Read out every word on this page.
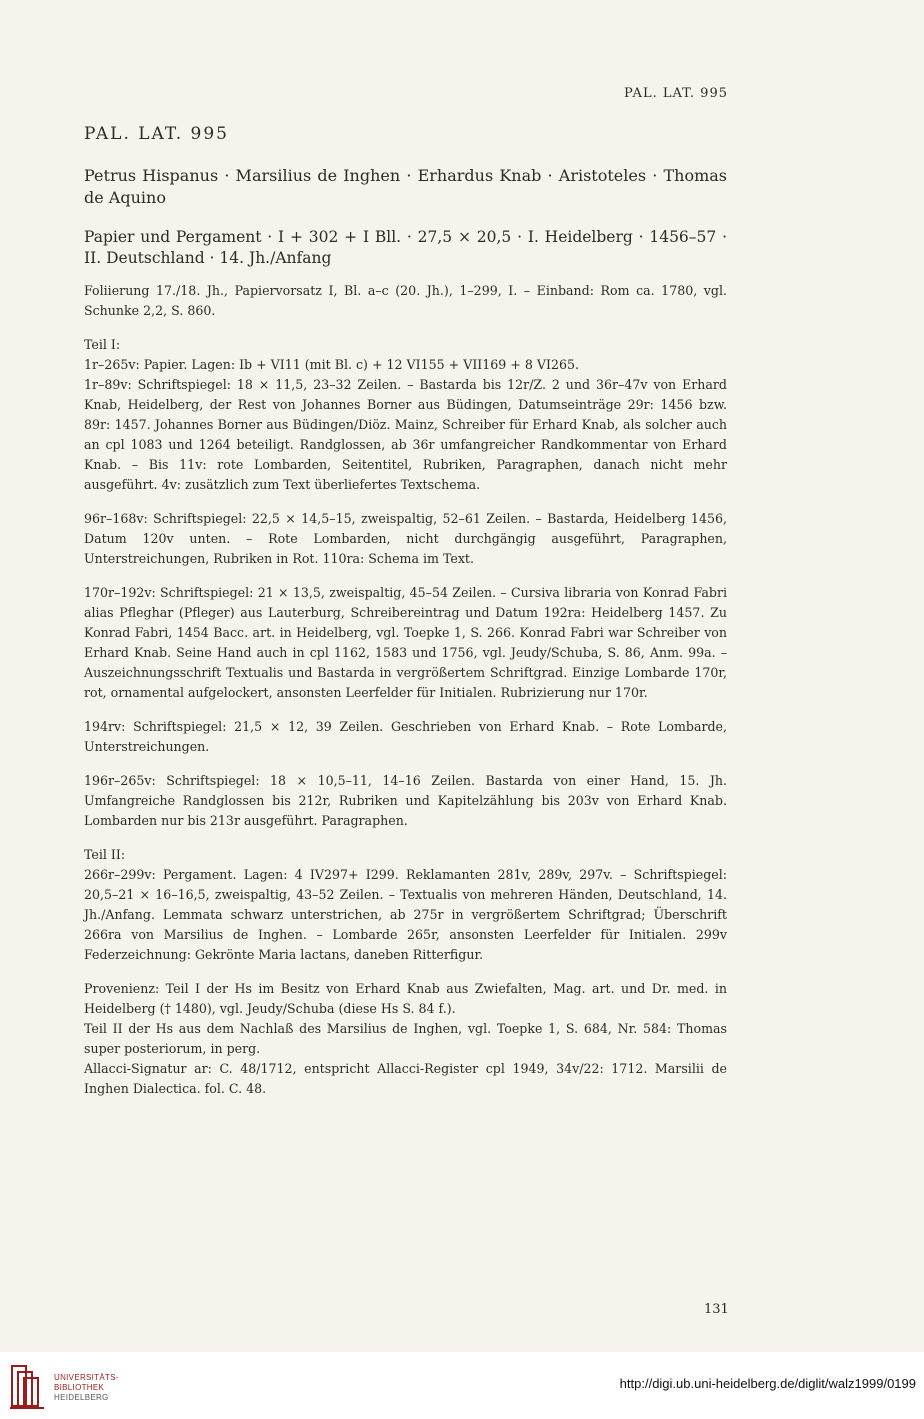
PAL. LAT. 995
PAL. LAT. 995

Petrus Hispanus · Marsilius de Inghen · Erhardus Knab · Aristoteles · Thomas de Aquino

Papier und Pergament · I + 302 + I Bll. · 27,5 × 20,5 · I. Heidelberg · 1456–57 · II. Deutschland · 14. Jh./Anfang

Foliierung 17./18. Jh., Papiervorsatz I, Bl. a–c (20. Jh.), 1–299, I. – Einband: Rom ca. 1780, vgl. Schunke 2,2, S. 860.

Teil I:

1r–265v: Papier. Lagen: Ib + VI11 (mit Bl. c) + 12 VI155 + VII169 + 8 VI265.

1r–89v: Schriftspiegel: 18 × 11,5, 23–32 Zeilen. – Bastarda bis 12r/Z. 2 und 36r–47v von Erhard Knab, Heidelberg, der Rest von Johannes Borner aus Büdingen, Datumseinträge 29r: 1456 bzw. 89r: 1457. Johannes Borner aus Büdingen/Diöz. Mainz, Schreiber für Erhard Knab, als solcher auch an cpl 1083 und 1264 beteiligt. Randglossen, ab 36r umfangreicher Randkommentar von Erhard Knab. – Bis 11v: rote Lombarden, Seitentitel, Rubriken, Paragraphen, danach nicht mehr ausgeführt. 4v: zusätzlich zum Text überliefertes Textschema.

96r–168v: Schriftspiegel: 22,5 × 14,5–15, zweispaltig, 52–61 Zeilen. – Bastarda, Heidelberg 1456, Datum 120v unten. – Rote Lombarden, nicht durchgängig ausgeführt, Paragraphen, Unterstreichungen, Rubriken in Rot. 110ra: Schema im Text.

170r–192v: Schriftspiegel: 21 × 13,5, zweispaltig, 45–54 Zeilen. – Cursiva libraria von Konrad Fabri alias Pfleghar (Pfleger) aus Lauterburg, Schreibereintrag und Datum 192ra: Heidelberg 1457. Zu Konrad Fabri, 1454 Bacc. art. in Heidelberg, vgl. Toepke 1, S. 266. Konrad Fabri war Schreiber von Erhard Knab. Seine Hand auch in cpl 1162, 1583 und 1756, vgl. Jeudy/Schuba, S. 86, Anm. 99a. – Auszeichnungsschrift Textualis und Bastarda in vergrößertem Schriftgrad. Einzige Lombarde 170r, rot, ornamental aufgelockert, ansonsten Leerfelder für Initialen. Rubrizierung nur 170r.

194rv: Schriftspiegel: 21,5 × 12, 39 Zeilen. Geschrieben von Erhard Knab. – Rote Lombarde, Unterstreichungen.

196r–265v: Schriftspiegel: 18 × 10,5–11, 14–16 Zeilen. Bastarda von einer Hand, 15. Jh. Umfangreiche Randglossen bis 212r, Rubriken und Kapitelzählung bis 203v von Erhard Knab. Lombarden nur bis 213r ausgeführt. Paragraphen.

Teil II:

266r–299v: Pergament. Lagen: 4 IV297+ I299. Reklamanten 281v, 289v, 297v. – Schriftspiegel: 20,5–21 × 16–16,5, zweispaltig, 43–52 Zeilen. – Textualis von mehreren Händen, Deutschland, 14. Jh./Anfang. Lemmata schwarz unterstrichen, ab 275r in vergrößertem Schriftgrad; Überschrift 266ra von Marsilius de Inghen. – Lombarde 265r, ansonsten Leerfelder für Initialen. 299v Federzeichnung: Gekrönte Maria lactans, daneben Ritterfigur.

Provenienz: Teil I der Hs im Besitz von Erhard Knab aus Zwiefalten, Mag. art. und Dr. med. in Heidelberg († 1480), vgl. Jeudy/Schuba (diese Hs S. 84 f.).

Teil II der Hs aus dem Nachlaß des Marsilius de Inghen, vgl. Toepke 1, S. 684, Nr. 584: Thomas super posteriorum, in perg.

Allacci-Signatur ar: C. 48/1712, entspricht Allacci-Register cpl 1949, 34v/22: 1712. Marsilii de Inghen Dialectica. fol. C. 48.

131
UNIVERSITÄTS-
BIBLIOTHEK
HEIDELBERG
http://digi.ub.uni-heidelberg.de/diglit/walz1999/0199
